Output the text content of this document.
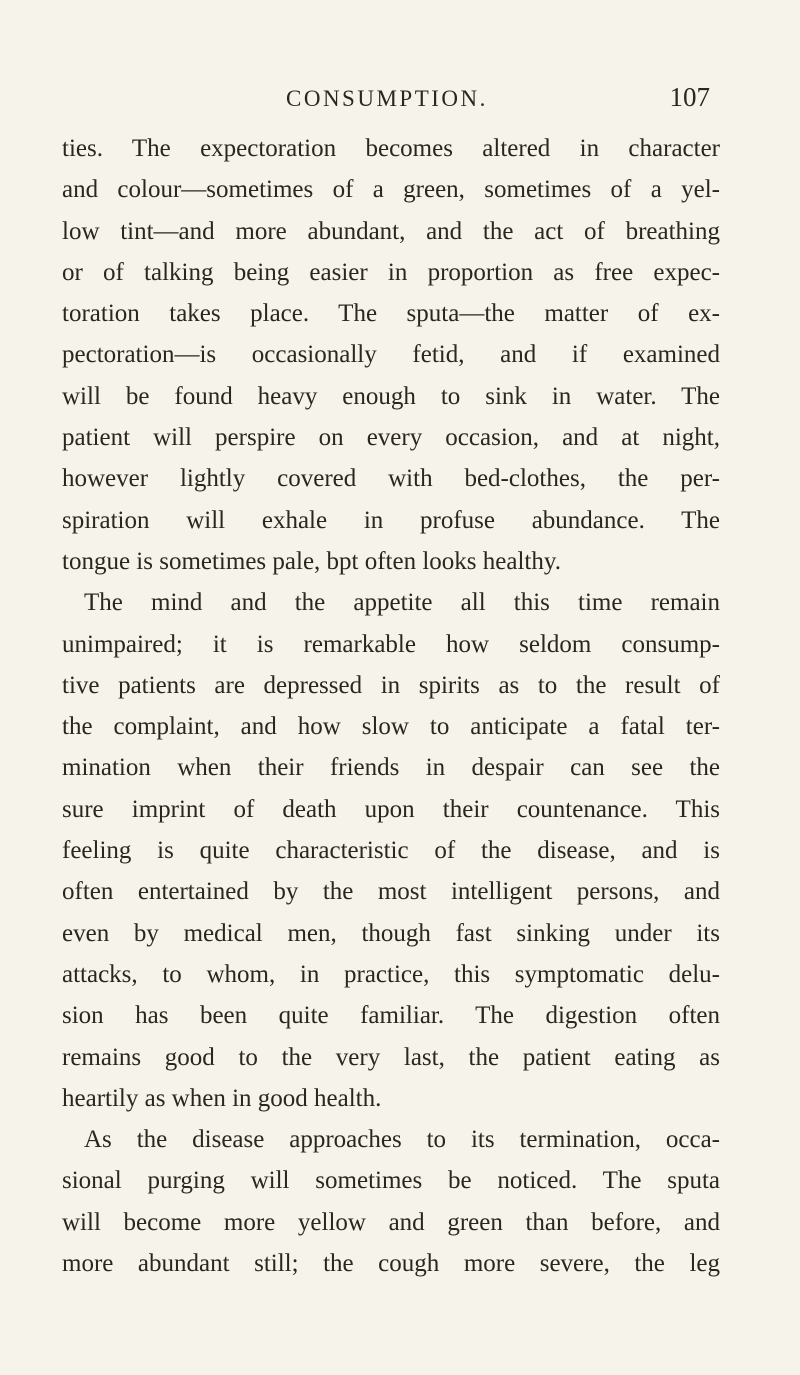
CONSUMPTION.	107
ties. The expectoration becomes altered in character
and colour—sometimes of a green, sometimes of a yel-
low tint—and more abundant, and the act of breathing
or of talking being easier in proportion as free expec-
toration takes place. The sputa—the matter of ex-
pectoration—is occasionally fetid, and if examined
will be found heavy enough to sink in water. The
patient will perspire on every occasion, and at night,
however lightly covered with bed-clothes, the per-
spiration will exhale in profuse abundance. The
tongue is sometimes pale, bpt often looks healthy.
The mind and the appetite all this time remain
unimpaired; it is remarkable how seldom consump-
tive patients are depressed in spirits as to the result of
the complaint, and how slow to anticipate a fatal ter-
mination when their friends in despair can see the
sure imprint of death upon their countenance. This
feeling is quite characteristic of the disease, and is
often entertained by the most intelligent persons, and
even by medical men, though fast sinking under its
attacks, to whom, in practice, this symptomatic delu-
sion has been quite familiar. The digestion often
remains good to the very last, the patient eating as
heartily as when in good health.
As the disease approaches to its termination, occa-
sional purging will sometimes be noticed. The sputa
will become more yellow and green than before, and
more abundant still; the cough more severe, the leg
